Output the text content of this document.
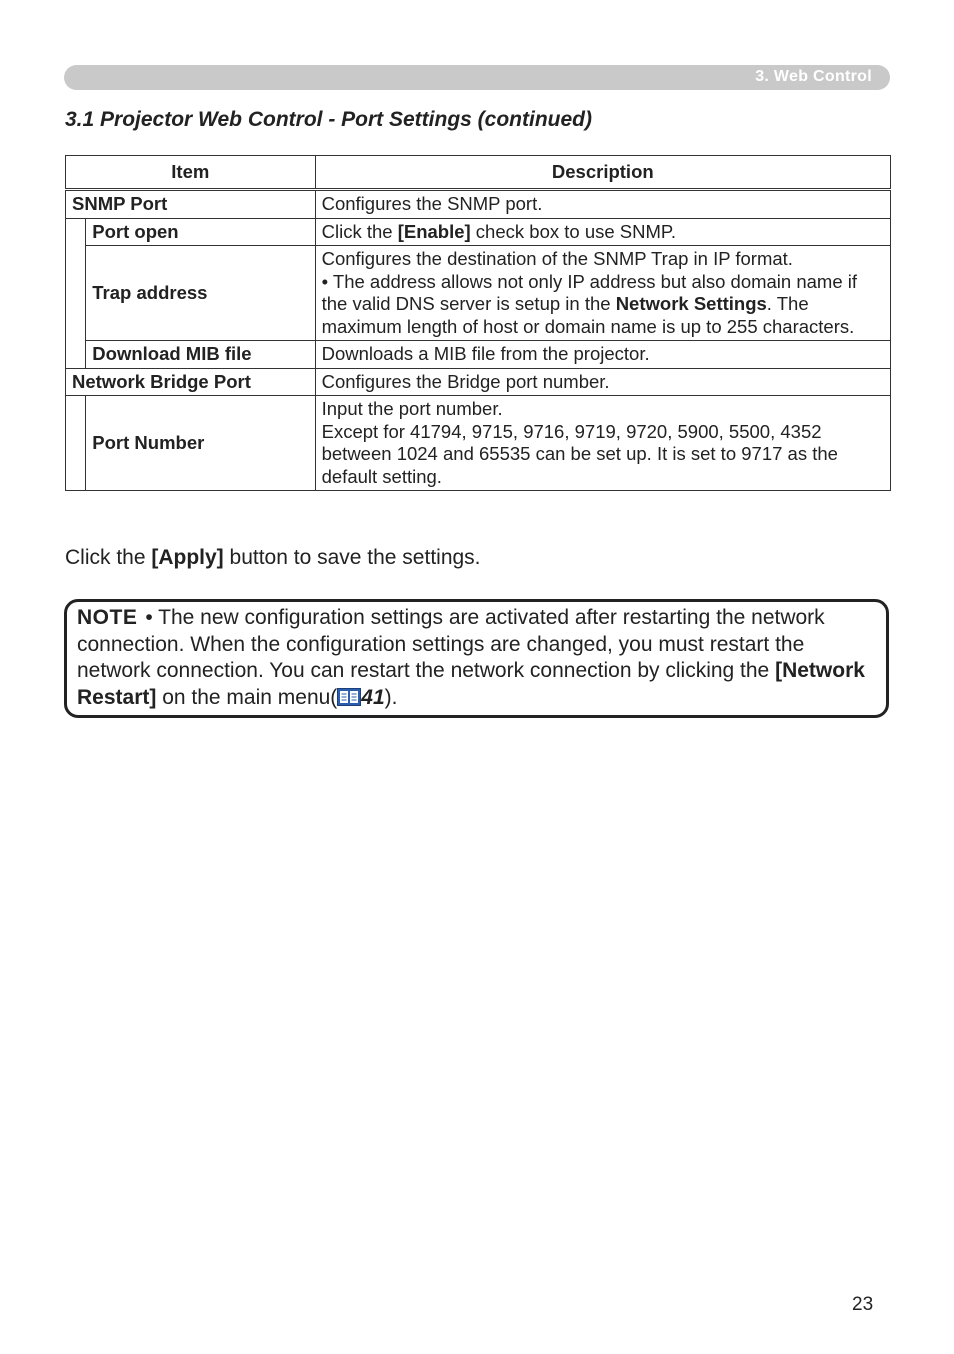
3. Web Control
3.1 Projector Web Control - Port Settings (continued)
Item		Description
SNMP Port		Configures the SNMP port.
	Port open	Click the [Enable] check box to use SNMP.
	Trap address	Configures the destination of the SNMP Trap in IP format.
• The address allows not only IP address but also domain name if the valid DNS server is setup in the Network Settings. The maximum length of host or domain name is up to 255 characters.
	Download MIB file	Downloads a MIB file from the projector.
Network Bridge Port		Configures the Bridge port number.
	Port Number	Input the port number.
Except for 41794, 9715, 9716, 9719, 9720, 5900, 5500, 4352 between 1024 and 65535 can be set up. It is set to 9717 as the default setting.

Click the [Apply] button to save the settings.

NOTE • The new configuration settings are activated after restarting the network connection. When the configuration settings are changed, you must restart the network connection. You can restart the network connection by clicking the [Network Restart] on the main menu( 41).
23
